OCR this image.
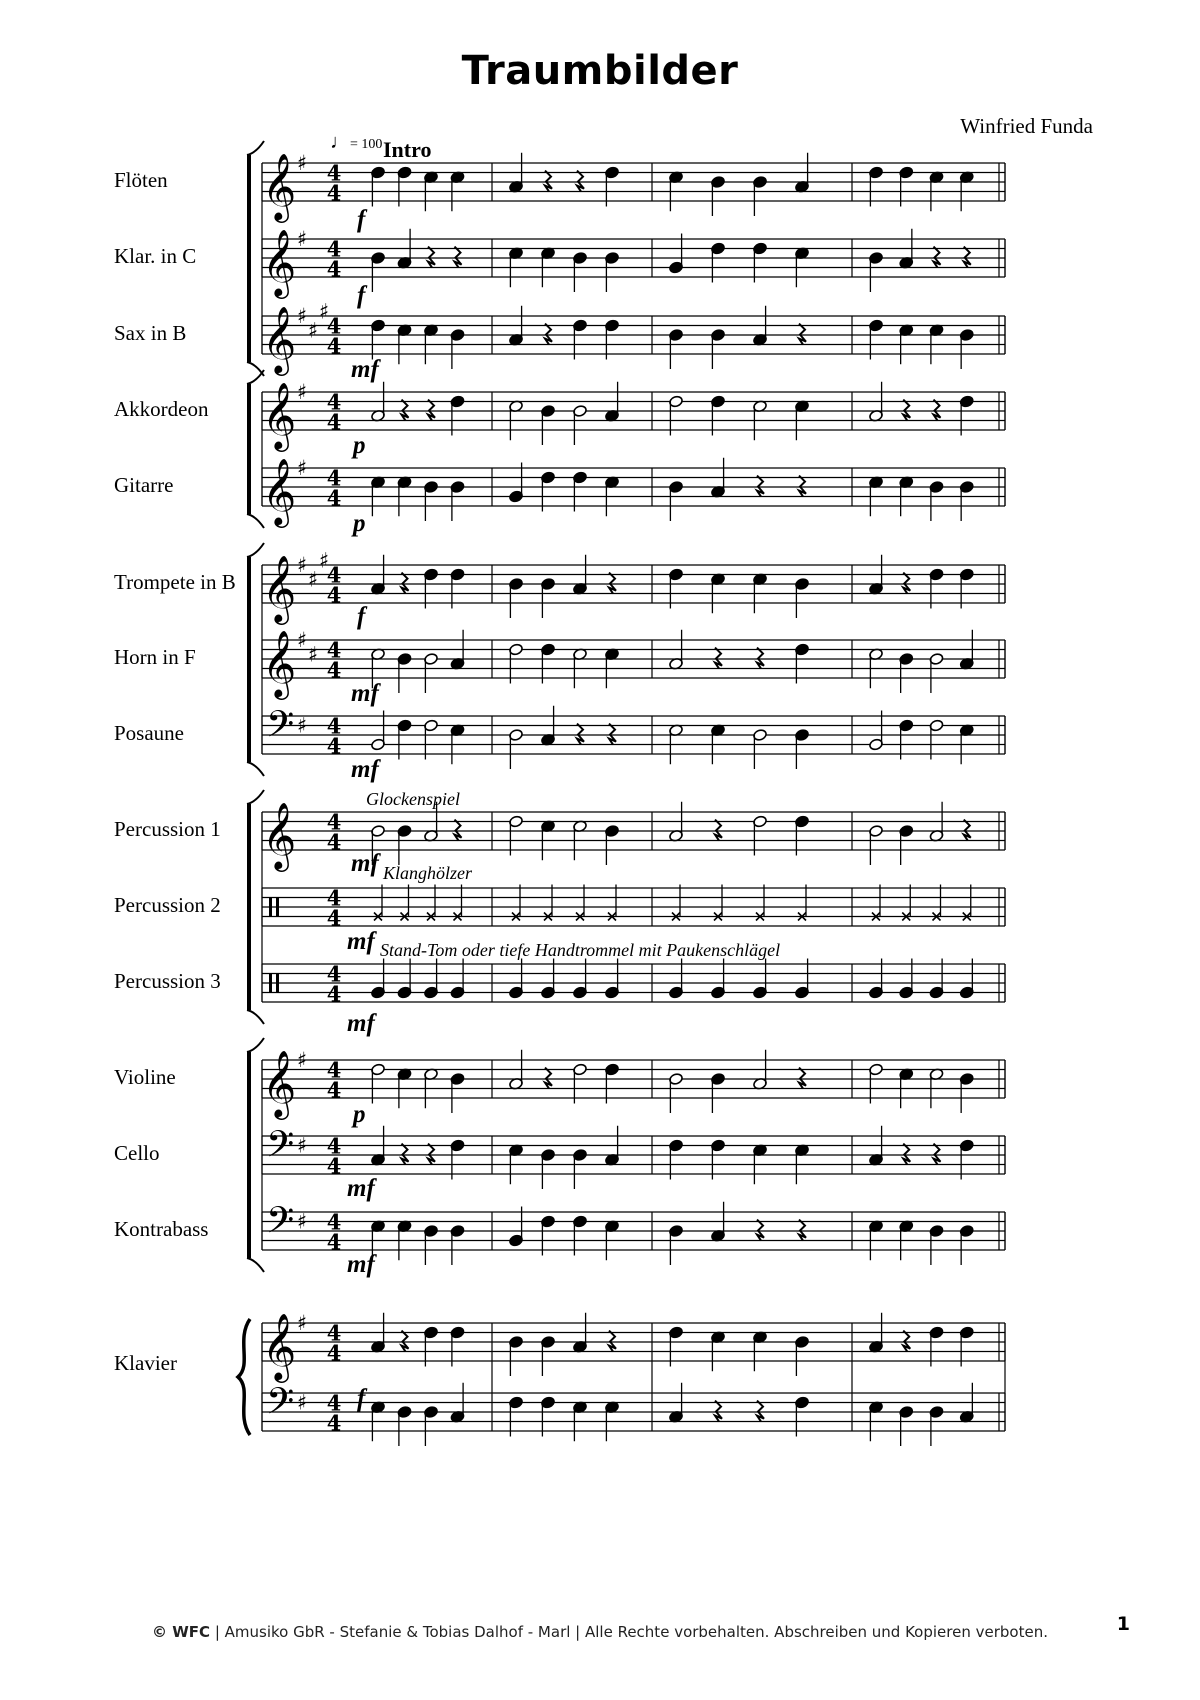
Traumbilder
Winfried Funda
♩= 100 Intro
Flöten
Klar. in C
Sax in B
Akkordeon
Gitarre
Trompete in B
Horn in F
Posaune
Percussion 1
Percussion 2
Percussion 3
Violine
Cello
Kontrabass
Klavier
f
f
mf
p
p
f
mf
mf
mf
mf
mf
p
mf
mf
f
Glockenspiel
Klanghölzer
Stand-Tom oder tiefe Handtrommel mit Paukenschlägel
𝄞 ♯ 4
4
𝄞 ♯ 4
4
𝄞 ♯
♯
♯
4
4
𝄞 ♯ 4
4
𝄞 ♯ 4
4
𝄞 ♯
♯
♯
4
4
𝄞 ♯
♯ 4
4
𝄢 ♯ 4
4
𝄞 4
4
4
4
4
4
𝄞 ♯ 4
4
𝄢 ♯ 4
4
𝄢 ♯ 4
4
𝄞 ♯ 4
4
𝄢 ♯ 4
4
© WFC | Amusiko GbR - Stefanie & Tobias Dalhof - Marl | Alle Rechte vorbehalten. Abschreiben und Kopieren verboten.	1
